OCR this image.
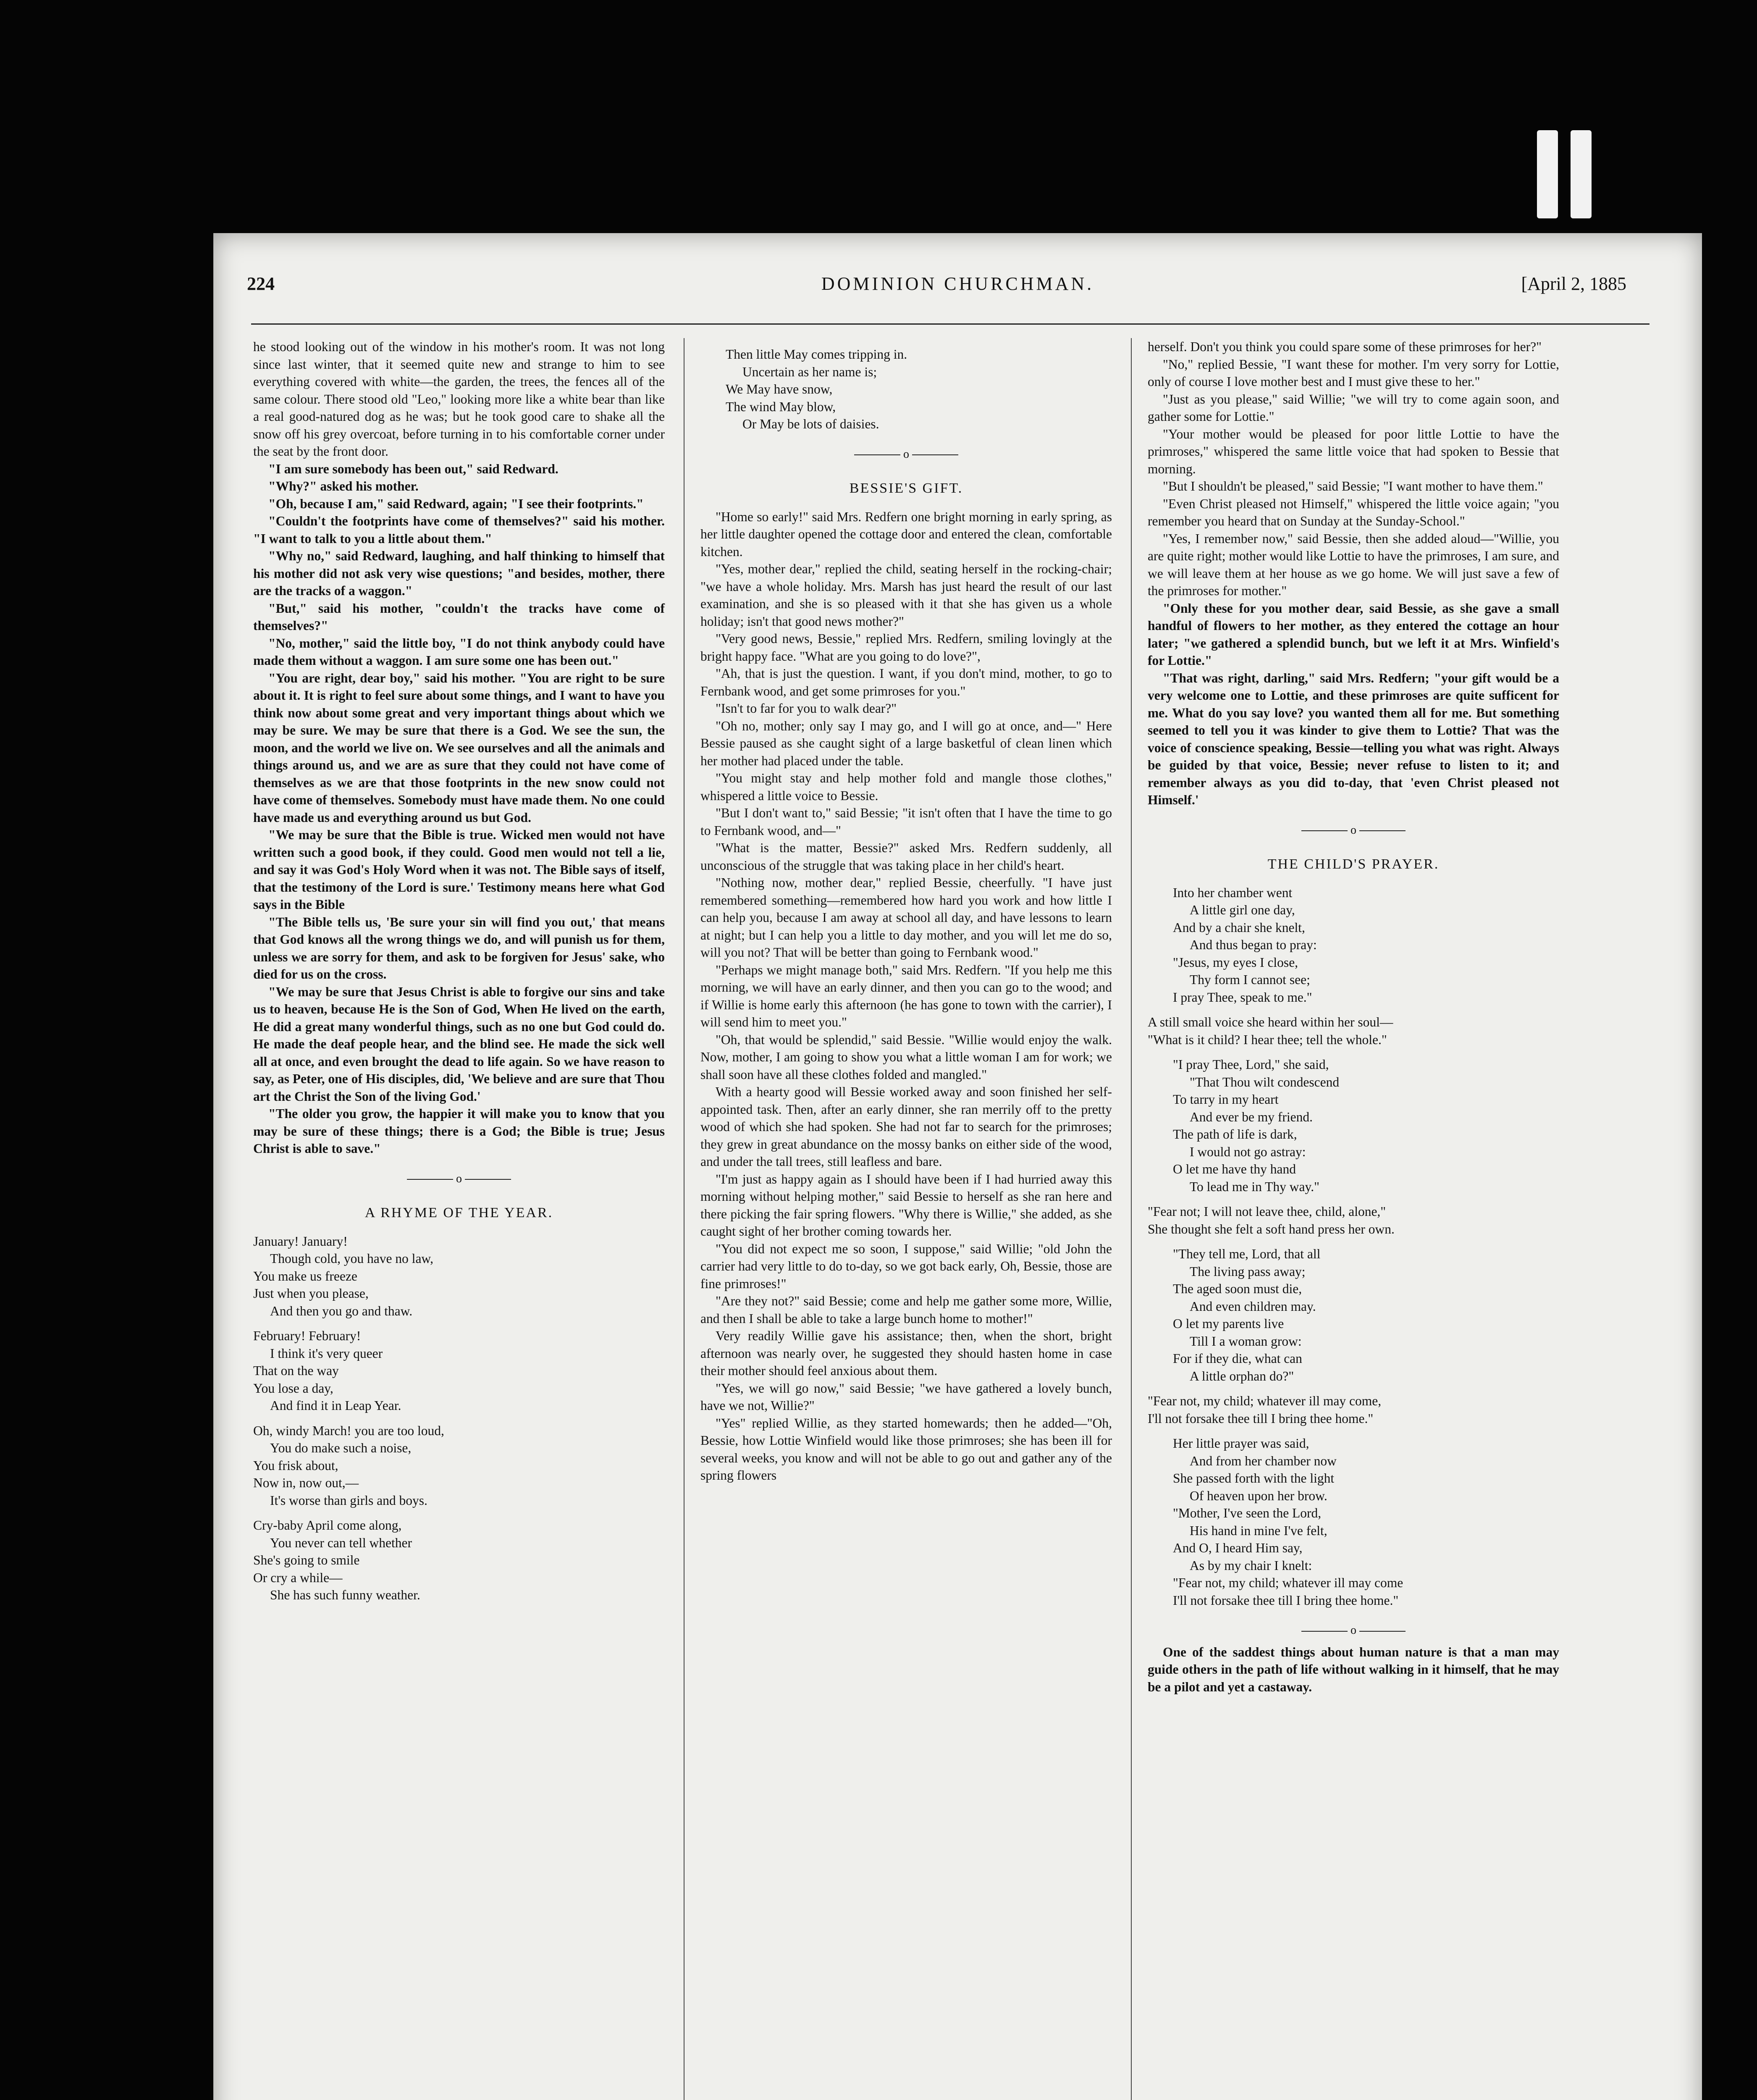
224	DOMINION CHURCHMAN.	[April 2, 1885

he stood looking out of the window in his mother's room. It was not long since last winter, that it seemed quite new and strange to him to see everything covered with white—the garden, the trees, the fences all of the same colour. There stood old "Leo," looking more like a white bear than like a real good-natured dog as he was; but he took good care to shake all the snow off his grey overcoat, before turning in to his comfortable corner under the seat by the front door.

"I am sure somebody has been out," said Redward.

"Why?" asked his mother.

"Oh, because I am," said Redward, again; "I see their footprints."

"Couldn't the footprints have come of themselves?" said his mother. "I want to talk to you a little about them."

"Why no," said Redward, laughing, and half thinking to himself that his mother did not ask very wise questions; "and besides, mother, there are the tracks of a waggon."

"But," said his mother, "couldn't the tracks have come of themselves?"

"No, mother," said the little boy, "I do not think anybody could have made them without a waggon. I am sure some one has been out."

"You are right, dear boy," said his mother. "You are right to be sure about it. It is right to feel sure about some things, and I want to have you think now about some great and very important things about which we may be sure. We may be sure that there is a God. We see the sun, the moon, and the world we live on. We see ourselves and all the animals and things around us, and we are as sure that they could not have come of themselves as we are that those footprints in the new snow could not have come of themselves. Somebody must have made them. No one could have made us and everything around us but God.

"We may be sure that the Bible is true. Wicked men would not have written such a good book, if they could. Good men would not tell a lie, and say it was God's Holy Word when it was not. The Bible says of itself, that the testimony of the Lord is sure.' Testimony means here what God says in the Bible

"The Bible tells us, 'Be sure your sin will find you out,' that means that God knows all the wrong things we do, and will punish us for them, unless we are sorry for them, and ask to be forgiven for Jesus' sake, who died for us on the cross.

"We may be sure that Jesus Christ is able to forgive our sins and take us to heaven, because He is the Son of God, When He lived on the earth, He did a great many wonderful things, such as no one but God could do. He made the deaf people hear, and the blind see. He made the sick well all at once, and even brought the dead to life again. So we have reason to say, as Peter, one of His disciples, did, 'We believe and are sure that Thou art the Christ the Son of the living God.'

"The older you grow, the happier it will make you to know that you may be sure of these things; there is a God; the Bible is true; Jesus Christ is able to save."

o
A RHYME OF THE YEAR.
January! January!
Though cold, you have no law,
You make us freeze
Just when you please,
And then you go and thaw.
February! February!
I think it's very queer
That on the way
You lose a day,
And find it in Leap Year.
Oh, windy March! you are too loud,
You do make such a noise,
You frisk about,
Now in, now out,—
It's worse than girls and boys.
Cry-baby April come along,
You never can tell whether
She's going to smile
Or cry a while—
She has such funny weather.
Then little May comes tripping in.
Uncertain as her name is;
We May have snow,
The wind May blow,
Or May be lots of daisies.
o
BESSIE'S GIFT.

"Home so early!" said Mrs. Redfern one bright morning in early spring, as her little daughter opened the cottage door and entered the clean, comfortable kitchen.

"Yes, mother dear," replied the child, seating herself in the rocking-chair; "we have a whole holiday. Mrs. Marsh has just heard the result of our last examination, and she is so pleased with it that she has given us a whole holiday; isn't that good news mother?"

"Very good news, Bessie," replied Mrs. Redfern, smiling lovingly at the bright happy face. "What are you going to do love?",

"Ah, that is just the question. I want, if you don't mind, mother, to go to Fernbank wood, and get some primroses for you."

"Isn't to far for you to walk dear?"

"Oh no, mother; only say I may go, and I will go at once, and—" Here Bessie paused as she caught sight of a large basketful of clean linen which her mother had placed under the table.

"You might stay and help mother fold and mangle those clothes," whispered a little voice to Bessie.

"But I don't want to," said Bessie; "it isn't often that I have the time to go to Fernbank wood, and—"

"What is the matter, Bessie?" asked Mrs. Redfern suddenly, all unconscious of the struggle that was taking place in her child's heart.

"Nothing now, mother dear," replied Bessie, cheerfully. "I have just remembered something—remembered how hard you work and how little I can help you, because I am away at school all day, and have lessons to learn at night; but I can help you a little to day mother, and you will let me do so, will you not? That will be better than going to Fernbank wood."

"Perhaps we might manage both," said Mrs. Redfern. "If you help me this morning, we will have an early dinner, and then you can go to the wood; and if Willie is home early this afternoon (he has gone to town with the carrier), I will send him to meet you."

"Oh, that would be splendid," said Bessie. "Willie would enjoy the walk. Now, mother, I am going to show you what a little woman I am for work; we shall soon have all these clothes folded and mangled."

With a hearty good will Bessie worked away and soon finished her self-appointed task. Then, after an early dinner, she ran merrily off to the pretty wood of which she had spoken. She had not far to search for the primroses; they grew in great abundance on the mossy banks on either side of the wood, and under the tall trees, still leafless and bare.

"I'm just as happy again as I should have been if I had hurried away this morning without helping mother," said Bessie to herself as she ran here and there picking the fair spring flowers. "Why there is Willie," she added, as she caught sight of her brother coming towards her.

"You did not expect me so soon, I suppose," said Willie; "old John the carrier had very little to do to-day, so we got back early, Oh, Bessie, those are fine primroses!"

"Are they not?" said Bessie; come and help me gather some more, Willie, and then I shall be able to take a large bunch home to mother!"

Very readily Willie gave his assistance; then, when the short, bright afternoon was nearly over, he suggested they should hasten home in case their mother should feel anxious about them.

"Yes, we will go now," said Bessie; "we have gathered a lovely bunch, have we not, Willie?"

"Yes" replied Willie, as they started homewards; then he added—"Oh, Bessie, how Lottie Winfield would like those primroses; she has been ill for several weeks, you know and will not be able to go out and gather any of the spring flowers

herself. Don't you think you could spare some of these primroses for her?"

"No," replied Bessie, "I want these for mother. I'm very sorry for Lottie, only of course I love mother best and I must give these to her."

"Just as you please," said Willie; "we will try to come again soon, and gather some for Lottie."

"Your mother would be pleased for poor little Lottie to have the primroses," whispered the same little voice that had spoken to Bessie that morning.

"But I shouldn't be pleased," said Bessie; "I want mother to have them."

"Even Christ pleased not Himself," whispered the little voice again; "you remember you heard that on Sunday at the Sunday-School."

"Yes, I remember now," said Bessie, then she added aloud—"Willie, you are quite right; mother would like Lottie to have the primroses, I am sure, and we will leave them at her house as we go home. We will just save a few of the primroses for mother."

"Only these for you mother dear, said Bessie, as she gave a small handful of flowers to her mother, as they entered the cottage an hour later; "we gathered a splendid bunch, but we left it at Mrs. Winfield's for Lottie."

"That was right, darling," said Mrs. Redfern; "your gift would be a very welcome one to Lottie, and these primroses are quite sufficent for me. What do you say love? you wanted them all for me. But something seemed to tell you it was kinder to give them to Lottie? That was the voice of conscience speaking, Bessie—telling you what was right. Always be guided by that voice, Bessie; never refuse to listen to it; and remember always as you did to-day, that 'even Christ pleased not Himself.'

o
THE CHILD'S PRAYER.
Into her chamber went
A little girl one day,
And by a chair she knelt,
And thus began to pray:
"Jesus, my eyes I close,
Thy form I cannot see;
I pray Thee, speak to me."
A still small voice she heard within her soul—
"What is it child? I hear thee; tell the whole."
"I pray Thee, Lord," she said,
"That Thou wilt condescend
To tarry in my heart
And ever be my friend.
The path of life is dark,
I would not go astray:
O let me have thy hand
To lead me in Thy way."
"Fear not; I will not leave thee, child, alone,"
She thought she felt a soft hand press her own.
"They tell me, Lord, that all
The living pass away;
The aged soon must die,
And even children may.
O let my parents live
Till I a woman grow:
For if they die, what can
A little orphan do?"
"Fear not, my child; whatever ill may come,
I'll not forsake thee till I bring thee home."
Her little prayer was said,
And from her chamber now
She passed forth with the light
Of heaven upon her brow.
"Mother, I've seen the Lord,
His hand in mine I've felt,
And O, I heard Him say,
As by my chair I knelt:
"Fear not, my child; whatever ill may come
I'll not forsake thee till I bring thee home."
o

One of the saddest things about human nature is that a man may guide others in the path of life without walking in it himself, that he may be a pilot and yet a castaway.
